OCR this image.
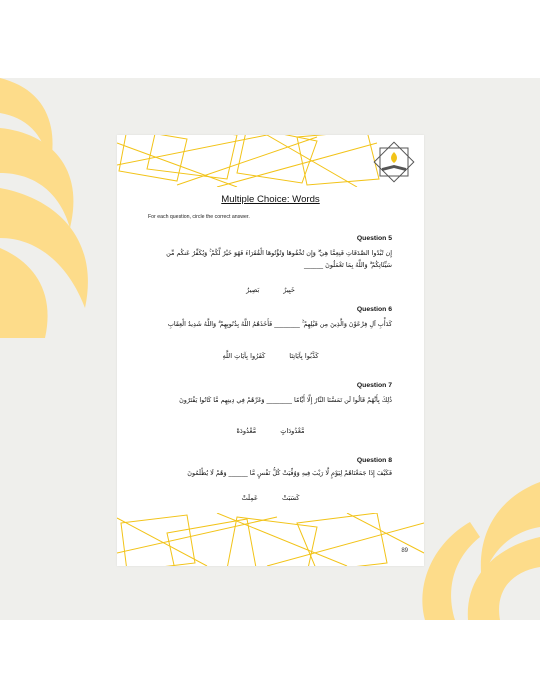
Multiple Choice: Words
For each question, circle the correct answer.
Question 5
إِن تُبْدُوا الصَّدَقَاتِ فَنِعِمَّا هِيَ ۖ وَإِن تُخْفُوهَا وَتُؤْتُوهَا الْفُقَرَاءَ فَهُوَ خَيْرٌ لَّكُمْ ۚ وَيُكَفِّرُ عَنكُم مِّن سَيِّئَاتِكُمْ ۗ وَاللَّهُ بِمَا تَعْمَلُونَ ______
خَبِيرٌ
بَصِيرٌ
Question 6
كَدَأْبِ آلِ فِرْعَوْنَ وَالَّذِينَ مِن قَبْلِهِمْ ۚ ________ فَأَخَذَهُمُ اللَّهُ بِذُنُوبِهِمْ ۗ وَاللَّهُ شَدِيدُ الْعِقَابِ
كَذَّبُوا بِآيَاتِنَا
كَفَرُوا بِآيَاتِ اللَّهِ
Question 7
ذَٰلِكَ بِأَنَّهُمْ قَالُوا لَن تَمَسَّنَا النَّارُ إِلَّا أَيَّامًا ________ وَغَرَّهُمْ فِي دِينِهِم مَّا كَانُوا يَفْتَرُونَ
مَّعْدُودَاتٍ
مَّعْدُودَةً
Question 8
فَكَيْفَ إِذَا جَمَعْنَاهُمْ لِيَوْمٍ لَّا رَيْبَ فِيهِ وَوُفِّيَتْ كُلُّ نَفْسٍ مَّا ______ وَهُمْ لَا يُظْلَمُونَ
كَسَبَتْ
عَمِلَتْ
89
